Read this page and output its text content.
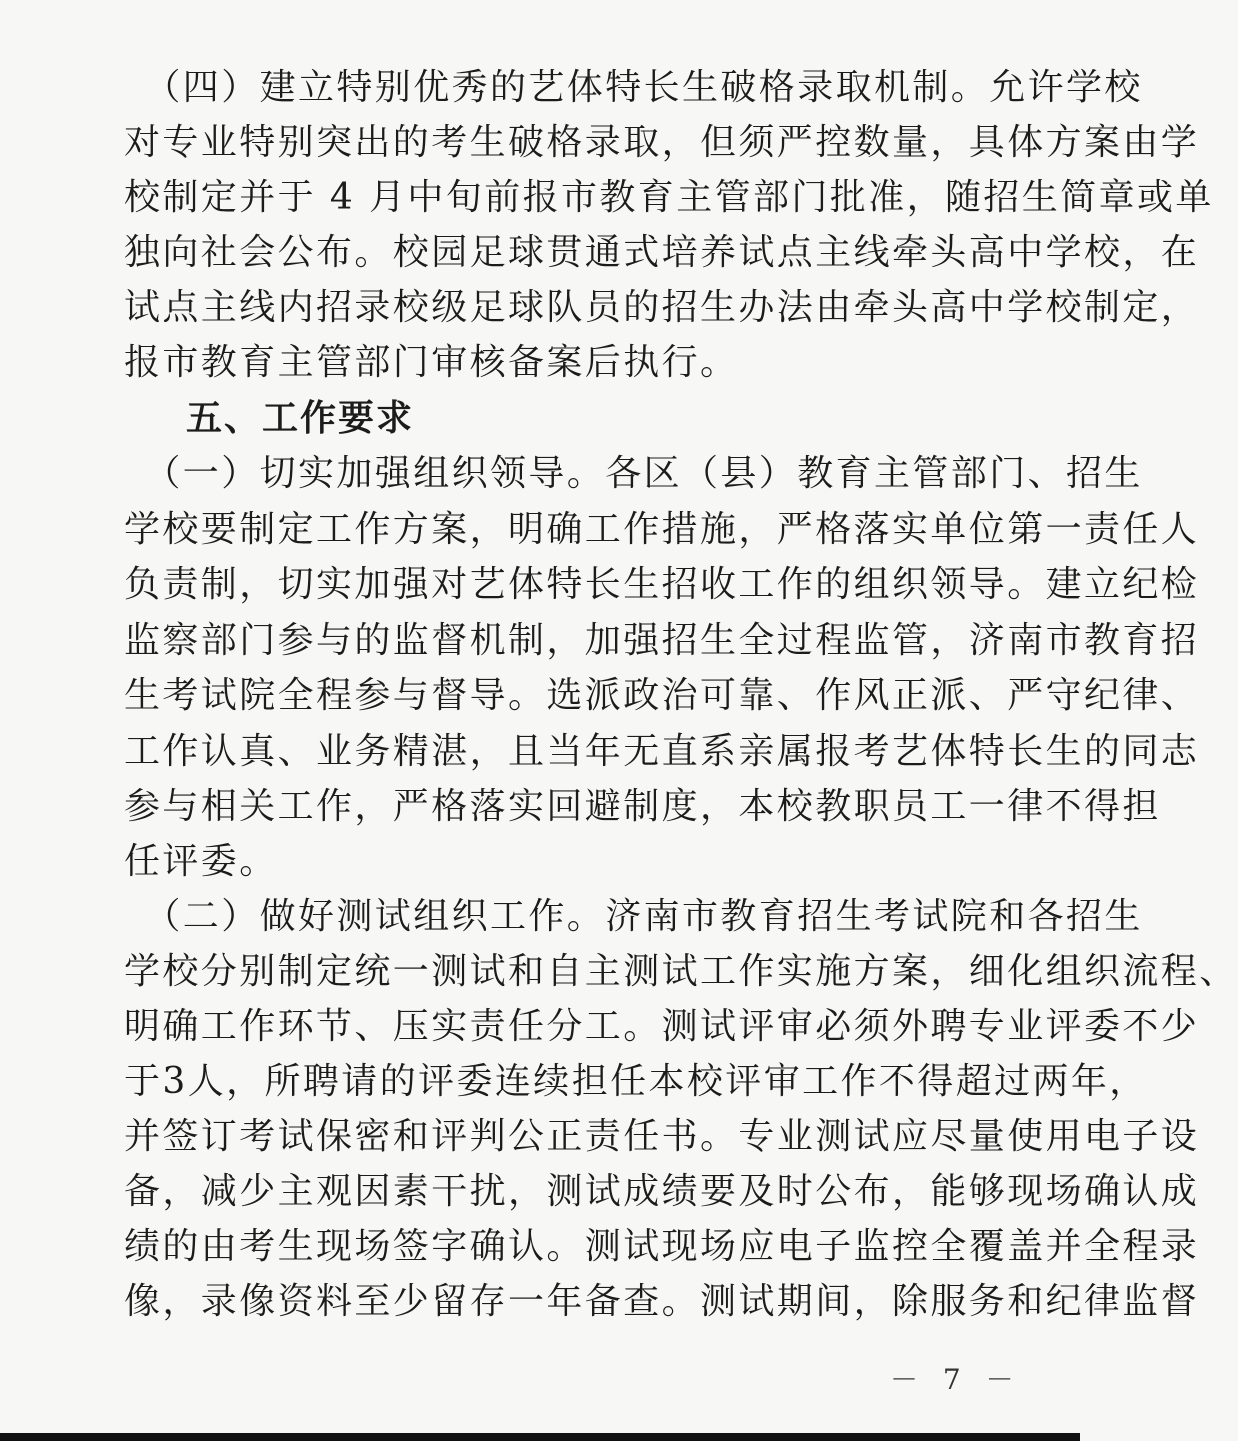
　（四）建立特别优秀的艺体特长生破格录取机制。允许学校
对专业特别突出的考生破格录取，但须严控数量，具体方案由学
校制定并于 4 月中旬前报市教育主管部门批准，随招生简章或单
独向社会公布。校园足球贯通式培养试点主线牵头高中学校，在
试点主线内招录校级足球队员的招生办法由牵头高中学校制定，
报市教育主管部门审核备案后执行。
五、工作要求
　（一）切实加强组织领导。各区（县）教育主管部门、招生
学校要制定工作方案，明确工作措施，严格落实单位第一责任人
负责制，切实加强对艺体特长生招收工作的组织领导。建立纪检
监察部门参与的监督机制，加强招生全过程监管，济南市教育招
生考试院全程参与督导。选派政治可靠、作风正派、严守纪律、
工作认真、业务精湛，且当年无直系亲属报考艺体特长生的同志
参与相关工作，严格落实回避制度，本校教职员工一律不得担
任评委。
　（二）做好测试组织工作。济南市教育招生考试院和各招生
学校分别制定统一测试和自主测试工作实施方案，细化组织流程、
明确工作环节、压实责任分工。测试评审必须外聘专业评委不少
于3人，所聘请的评委连续担任本校评审工作不得超过两年，
并签订考试保密和评判公正责任书。专业测试应尽量使用电子设
备，减少主观因素干扰，测试成绩要及时公布，能够现场确认成
绩的由考生现场签字确认。测试现场应电子监控全覆盖并全程录
像，录像资料至少留存一年备查。测试期间，除服务和纪律监督
－ 7 －
